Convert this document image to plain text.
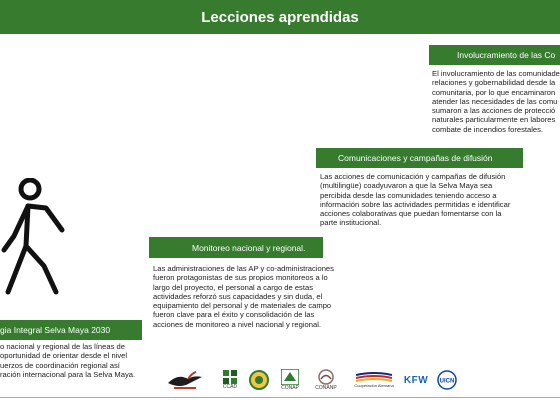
Lecciones aprendidas
Involucramiento de las Co

El involucramiento de las comunidade

relaciones y gobernabilidad desde la

comunitaria, por lo que encaminaron

atender las necesidades de las comu

sumaron a las acciones de protecció

naturales particularmente en labores

combate de incendios forestales.

Comunicaciones y campañas de difusión

Las acciones de comunicación y campañas de difusión

(multilingüe) coadyuvaron a que la Selva Maya sea

percibida desde las comunidades teniendo acceso a

información sobre las actividades permitidas e identificar

acciones colaborativas que puedan fomentarse con la

parte institucional.

Monitoreo nacional y regional.

Las administraciones de las AP y co-administraciones

fueron protagonistas de sus propios monitoreos a lo

largo del proyecto, el personal a cargo de estas

actividades reforzó sus capacidades y sin duda, el

equipamiento del personal y de materiales de campo

fueron clave para el éxito y consolidación de las

acciones de monitoreo a nivel nacional y regional.

gia Integral Selva Maya 2030

o nacional y regional de las líneas de

oportunidad de orientar desde el nivel

uerzos de coordinación regional así

ración internacional para la Selva Maya.

CCAD	CONAP	CONANP	Cooperación Alemana KFW UICN
